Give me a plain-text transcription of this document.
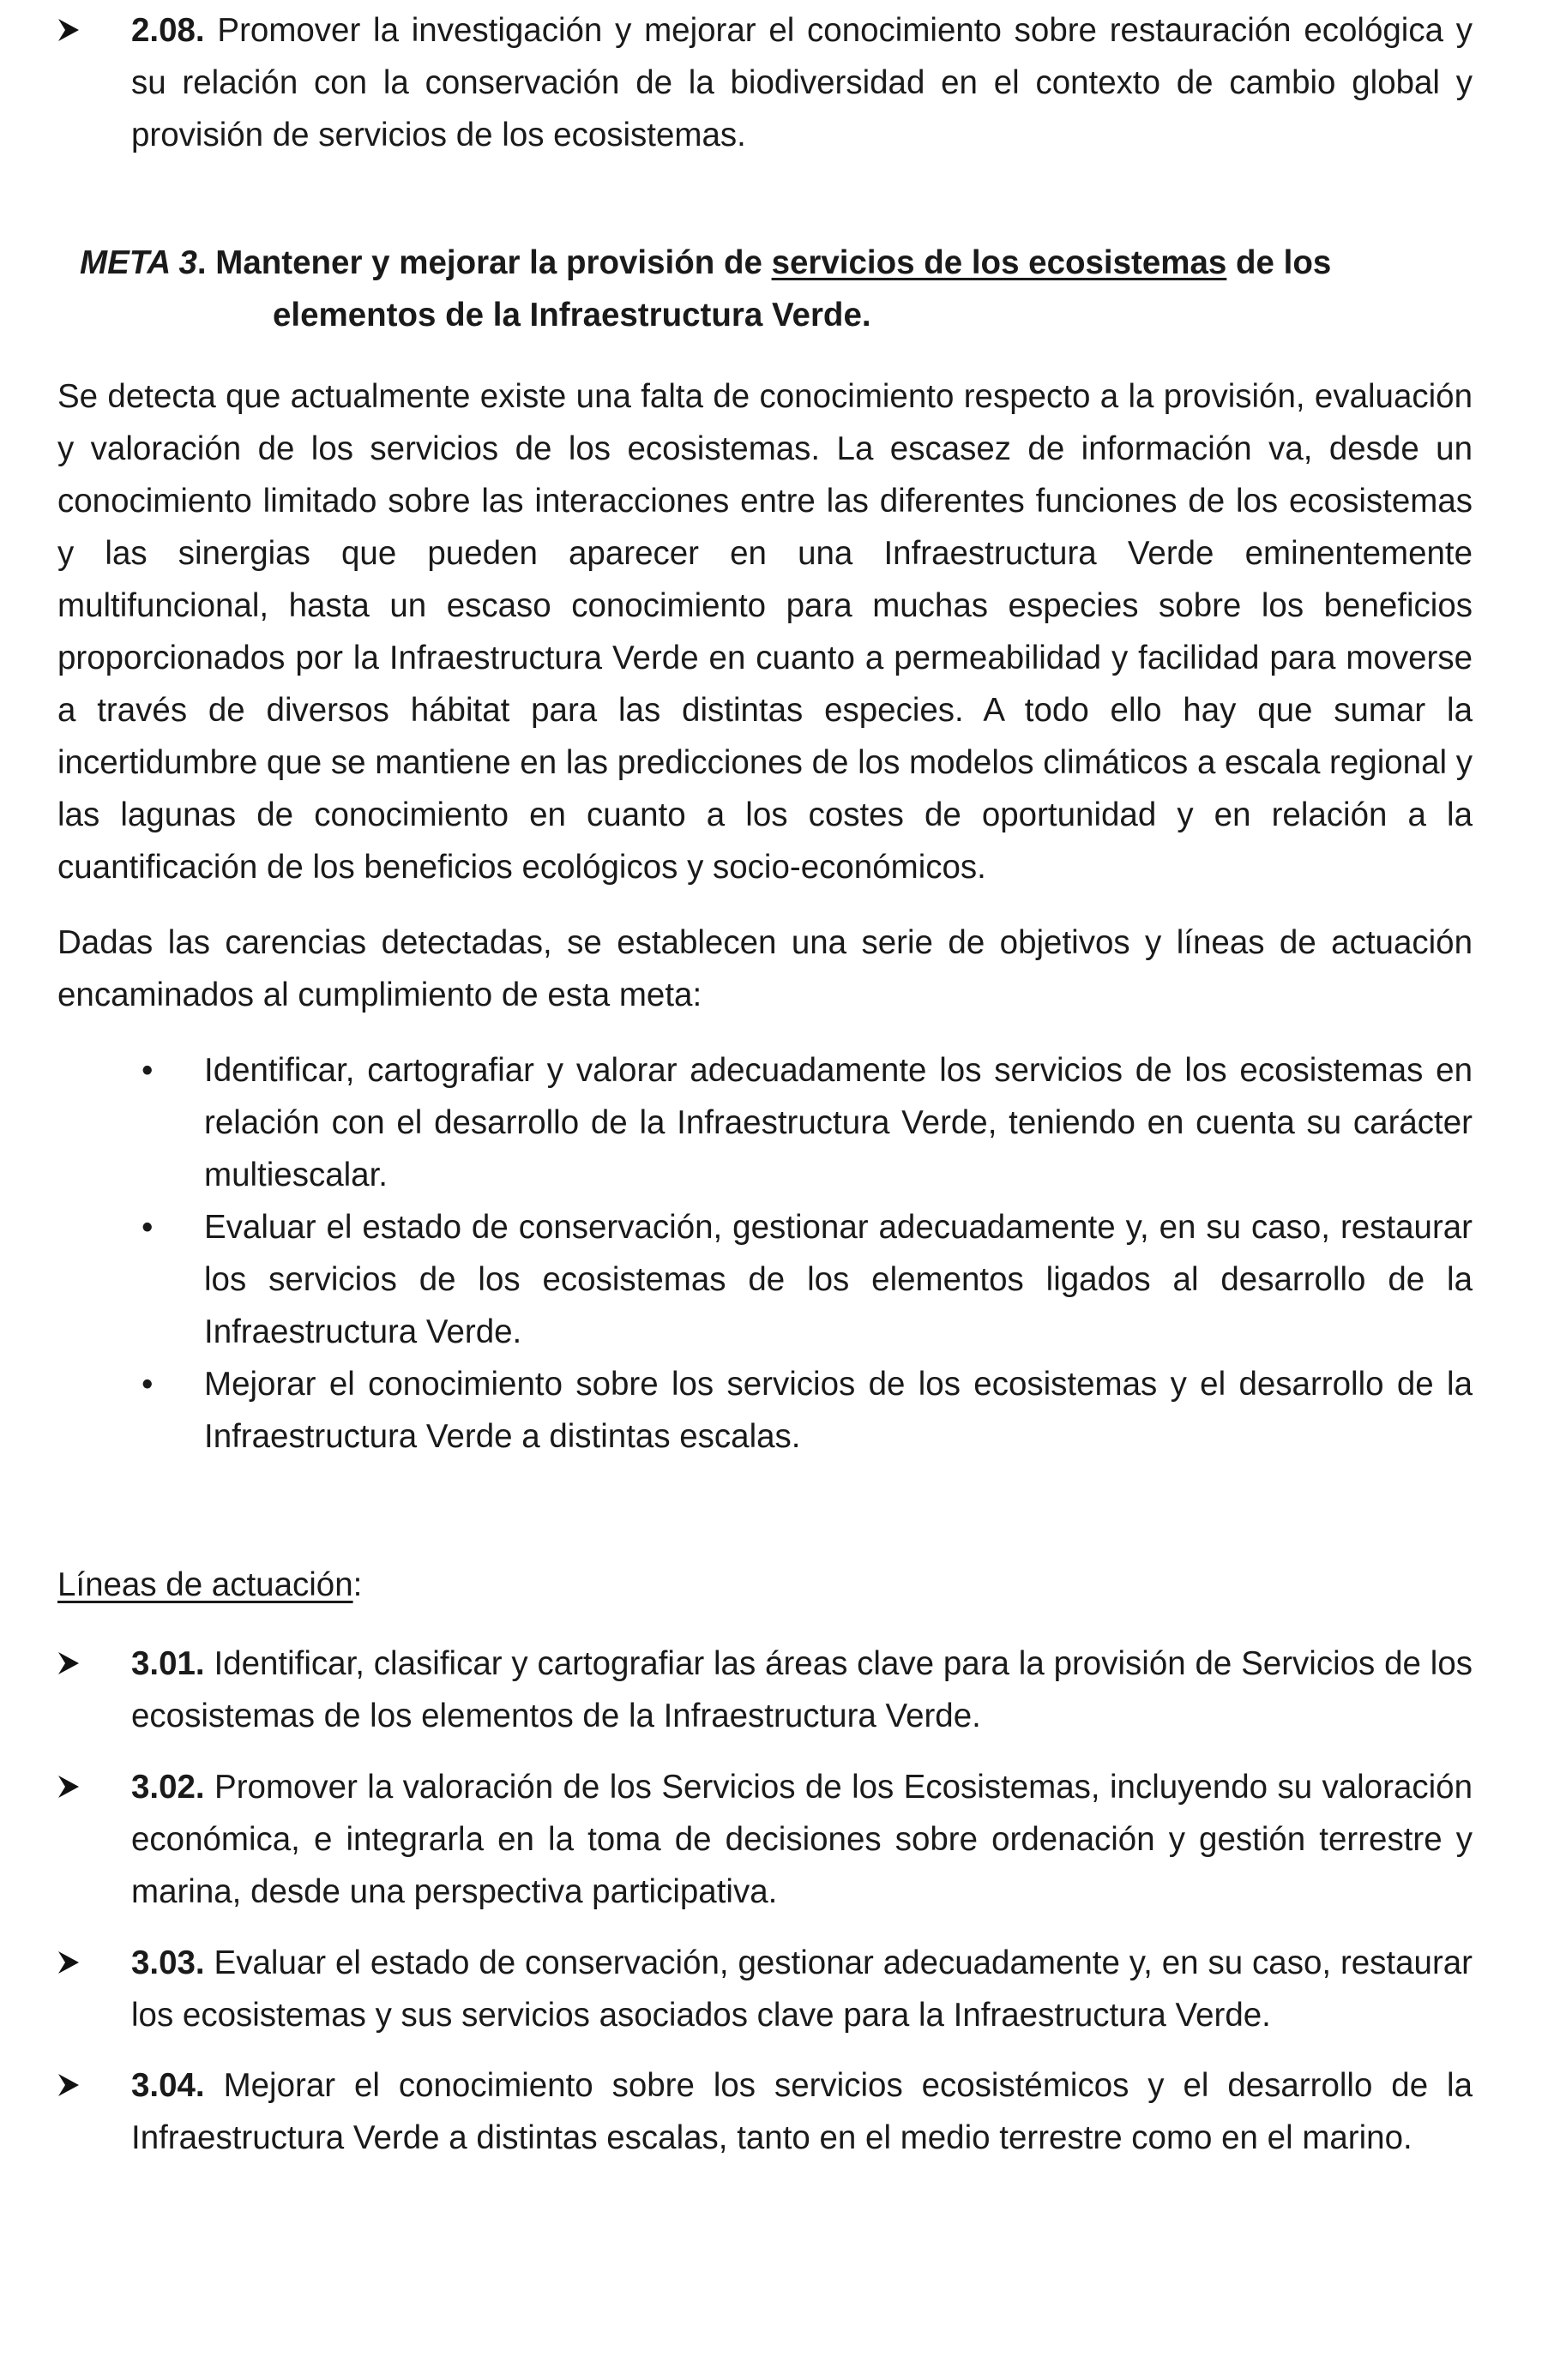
2.08. Promover la investigación y mejorar el conocimiento sobre restauración ecológica y su relación con la conservación de la biodiversidad en el contexto de cambio global y provisión de servicios de los ecosistemas.
META 3. Mantener y mejorar la provisión de servicios de los ecosistemas de los
elementos de la Infraestructura Verde.
Se detecta que actualmente existe una falta de conocimiento respecto a la provisión, evaluación y valoración de los servicios de los ecosistemas. La escasez de información va, desde un conocimiento limitado sobre las interacciones entre las diferentes funciones de los ecosistemas y las sinergias que pueden aparecer en una Infraestructura Verde eminentemente multifuncional, hasta un escaso conocimiento para muchas especies sobre los beneficios proporcionados por la Infraestructura Verde en cuanto a permeabilidad y facilidad para moverse a través de diversos hábitat para las distintas especies. A todo ello hay que sumar la incertidumbre que se mantiene en las predicciones de los modelos climáticos a escala regional y las lagunas de conocimiento en cuanto a los costes de oportunidad y en relación a la cuantificación de los beneficios ecológicos y socio-económicos.
Dadas las carencias detectadas, se establecen una serie de objetivos y líneas de actuación encaminados al cumplimiento de esta meta:
• Identificar, cartografiar y valorar adecuadamente los servicios de los ecosistemas en relación con el desarrollo de la Infraestructura Verde, teniendo en cuenta su carácter multiescalar.
• Evaluar el estado de conservación, gestionar adecuadamente y, en su caso, restaurar los servicios de los ecosistemas de los elementos ligados al desarrollo de la Infraestructura Verde.
• Mejorar el conocimiento sobre los servicios de los ecosistemas y el desarrollo de la Infraestructura Verde a distintas escalas.
Líneas de actuación:
3.01. Identificar, clasificar y cartografiar las áreas clave para la provisión de Servicios de los ecosistemas de los elementos de la Infraestructura Verde.
3.02. Promover la valoración de los Servicios de los Ecosistemas, incluyendo su valoración económica, e integrarla en la toma de decisiones sobre ordenación y gestión terrestre y marina, desde una perspectiva participativa.
3.03. Evaluar el estado de conservación, gestionar adecuadamente y, en su caso, restaurar los ecosistemas y sus servicios asociados clave para la Infraestructura Verde.
3.04. Mejorar el conocimiento sobre los servicios ecosistémicos y el desarrollo de la Infraestructura Verde a distintas escalas, tanto en el medio terrestre como en el marino.
